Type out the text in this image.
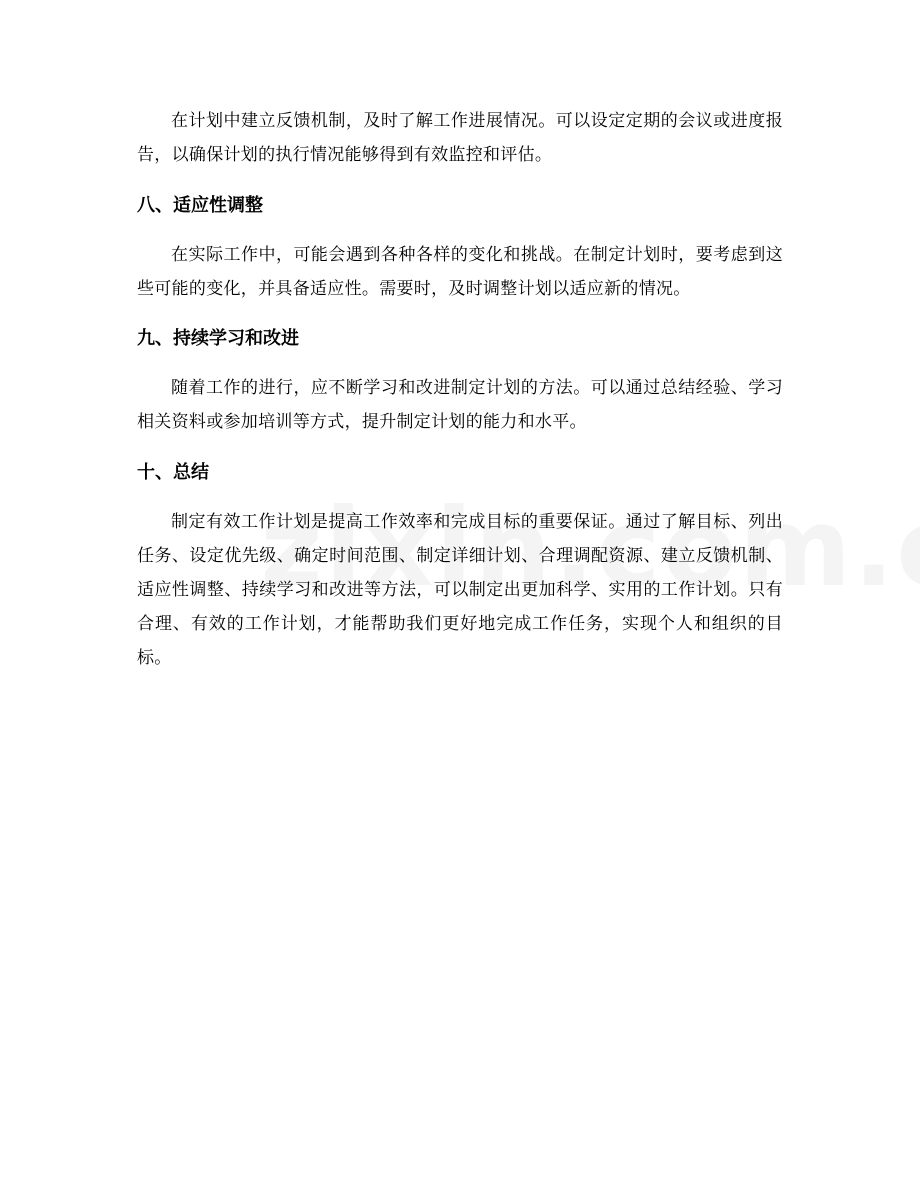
在计划中建立反馈机制，及时了解工作进展情况。可以设定定期的会议或进度报告，以确保计划的执行情况能够得到有效监控和评估。

八、适应性调整

在实际工作中，可能会遇到各种各样的变化和挑战。在制定计划时，要考虑到这些可能的变化，并具备适应性。需要时，及时调整计划以适应新的情况。

九、持续学习和改进

随着工作的进行，应不断学习和改进制定计划的方法。可以通过总结经验、学习相关资料或参加培训等方式，提升制定计划的能力和水平。

十、总结

制定有效工作计划是提高工作效率和完成目标的重要保证。通过了解目标、列出任务、设定优先级、确定时间范围、制定详细计划、合理调配资源、建立反馈机制、适应性调整、持续学习和改进等方法，可以制定出更加科学、实用的工作计划。只有合理、有效的工作计划，才能帮助我们更好地完成工作任务，实现个人和组织的目标。
